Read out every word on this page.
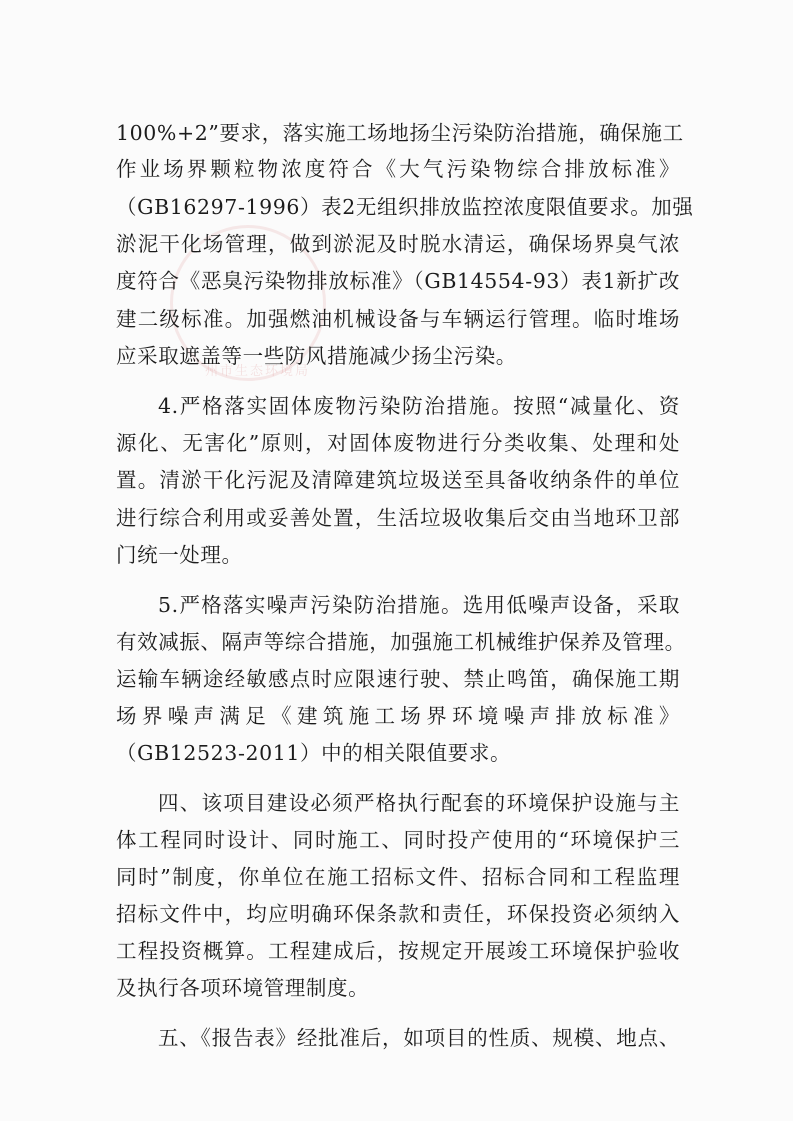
州市生态环境局
100%+2”要求，落实施工场地扬尘污染防治措施，确保施工
作业场界颗粒物浓度符合《大气污染物综合排放标准》
（GB16297-1996）表2无组织排放监控浓度限值要求。加强
淤泥干化场管理，做到淤泥及时脱水清运，确保场界臭气浓
度符合《恶臭污染物排放标准》（GB14554-93）表1新扩改
建二级标准。加强燃油机械设备与车辆运行管理。临时堆场
应采取遮盖等一些防风措施减少扬尘污染。
4.严格落实固体废物污染防治措施。按照“减量化、资
源化、无害化”原则，对固体废物进行分类收集、处理和处
置。清淤干化污泥及清障建筑垃圾送至具备收纳条件的单位
进行综合利用或妥善处置，生活垃圾收集后交由当地环卫部
门统一处理。
5.严格落实噪声污染防治措施。选用低噪声设备，采取
有效减振、隔声等综合措施，加强施工机械维护保养及管理。
运输车辆途经敏感点时应限速行驶、禁止鸣笛，确保施工期
场界噪声满足《建筑施工场界环境噪声排放标准》
（GB12523-2011）中的相关限值要求。
四、该项目建设必须严格执行配套的环境保护设施与主
体工程同时设计、同时施工、同时投产使用的“环境保护三
同时”制度，你单位在施工招标文件、招标合同和工程监理
招标文件中，均应明确环保条款和责任，环保投资必须纳入
工程投资概算。工程建成后，按规定开展竣工环境保护验收
及执行各项环境管理制度。
五、《报告表》经批准后，如项目的性质、规模、地点、
